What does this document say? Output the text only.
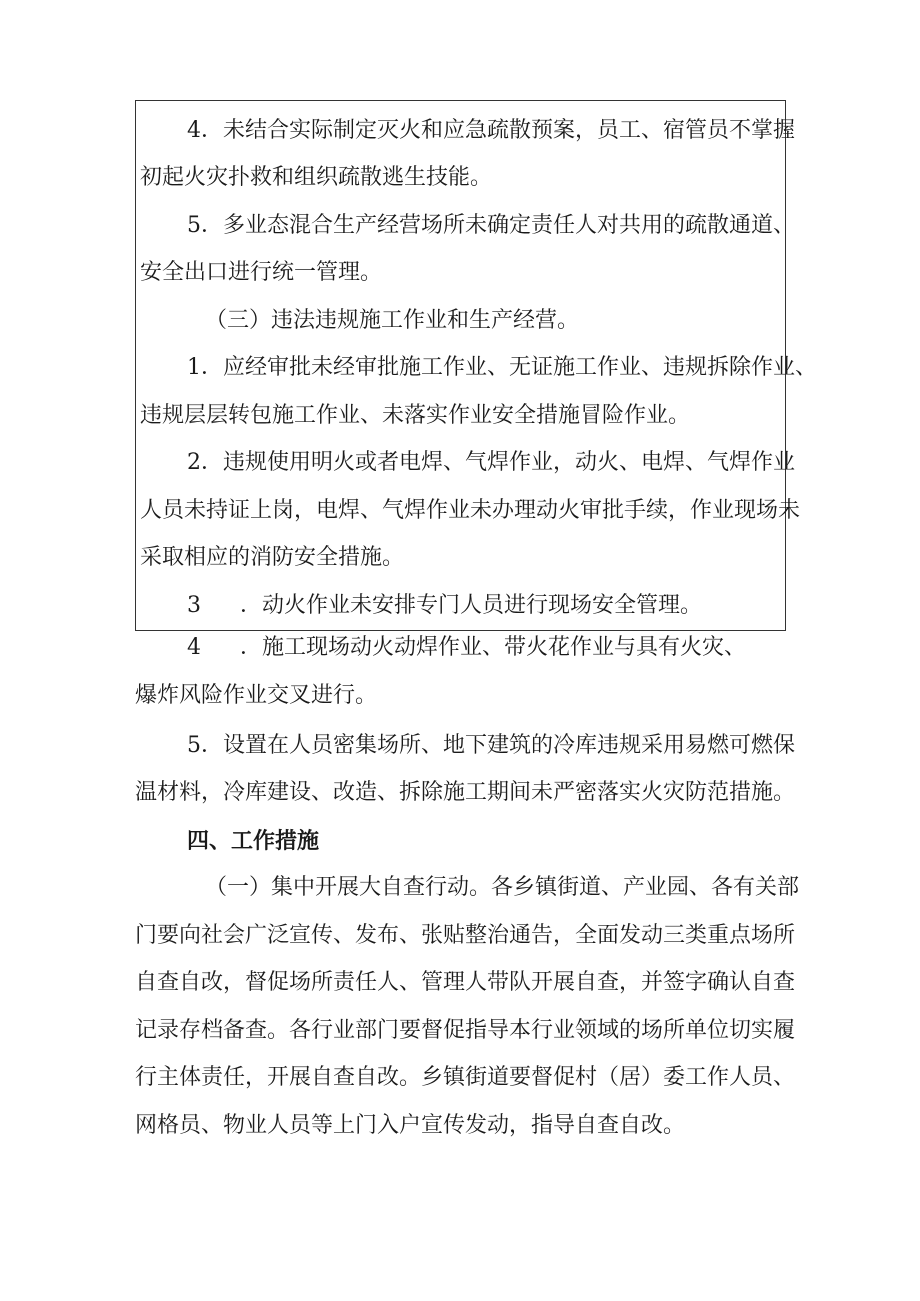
4．未结合实际制定灭火和应急疏散预案，员工、宿管员不掌握
初起火灾扑救和组织疏散逃生技能。
5．多业态混合生产经营场所未确定责任人对共用的疏散通道、
安全出口进行统一管理。
（三）违法违规施工作业和生产经营。
1．应经审批未经审批施工作业、无证施工作业、违规拆除作业、
违规层层转包施工作业、未落实作业安全措施冒险作业。
2．违规使用明火或者电焊、气焊作业，动火、电焊、气焊作业
人员未持证上岗，电焊、气焊作业未办理动火审批手续，作业现场未
采取相应的消防安全措施。
3 ．动火作业未安排专门人员进行现场安全管理。
4 ．施工现场动火动焊作业、带火花作业与具有火灾、
爆炸风险作业交叉进行。
5．设置在人员密集场所、地下建筑的冷库违规采用易燃可燃保
温材料，冷库建设、改造、拆除施工期间未严密落实火灾防范措施。
四、工作措施
（一）集中开展大自查行动。各乡镇街道、产业园、各有关部
门要向社会广泛宣传、发布、张贴整治通告，全面发动三类重点场所
自查自改，督促场所责任人、管理人带队开展自查，并签字确认自查
记录存档备查。各行业部门要督促指导本行业领域的场所单位切实履
行主体责任，开展自查自改。乡镇街道要督促村（居）委工作人员、
网格员、物业人员等上门入户宣传发动，指导自查自改。
